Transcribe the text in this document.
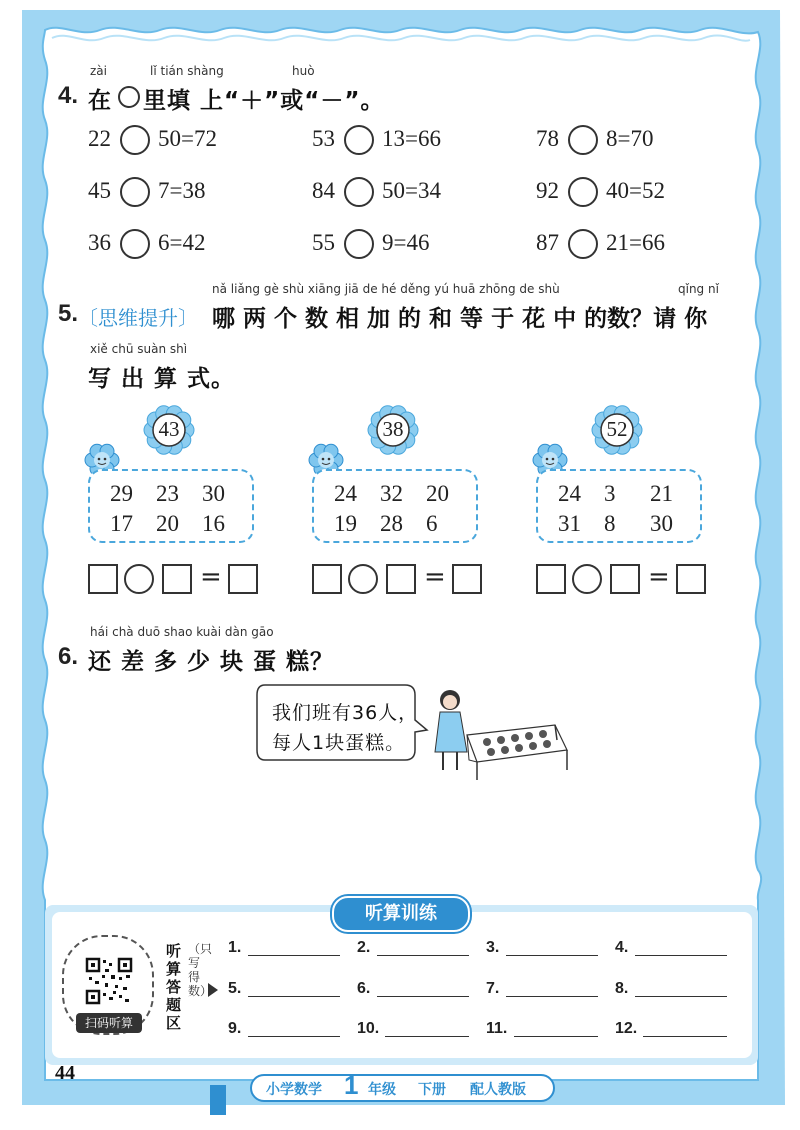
zài	lǐ tián shàng	huò
4. 在 里填 上“＋”或“－”。
22 50=72	53 13=66	78 8=70
45 7=38	84 50=34	92 40=52
36 6=42	55 9=46	87 21=66
nǎ liǎng gè shù xiāng jiā de hé děng yú huā zhōng de shù	qǐng nǐ
5. 〔思维提升〕 哪 两 个 数 相 加 的 和 等 于 花 中 的数？请 你
xiě chū suàn shì
写 出 算 式。
43
29 23 30
17 20 16
=
38
24 32 20
19 28 6
=
52
24 3 21
31 8 30
=
hái chà duō shao kuài dàn gāo
6. 还 差 多 少 块 蛋 糕？
我们班有36人，
每人1块蛋糕。
听算训练
扫码听算
听算答题区
（只写得数）
1.	2.	3.	4.
5.	6.	7.	8.
9.	10.	11.	12.
44
小学数学 1 年级 下册 配人教版
